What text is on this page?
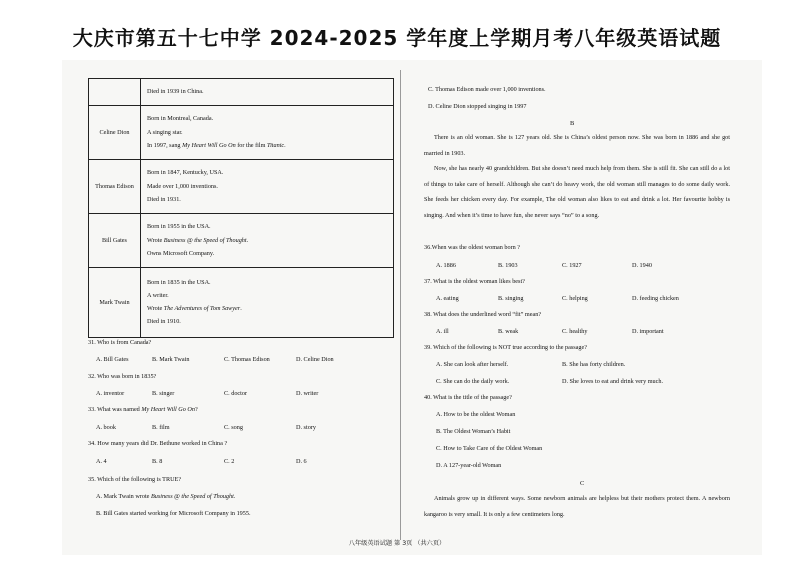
大庆市第五十七中学 2024-2025 学年度上学期月考八年级英语试题

	Died in 1939 in China.

Celine Dion	Born in Montreal, Canada.
A singing star.
In 1997, sang My Heart Will Go On for the film Titanic.

Thomas Edison	Born in 1847, Kentucky, USA.
Made over 1,000 inventions.
Died in 1931.

Bill Gates	Born in 1955 in the USA.
Wrote Business @ the Speed of Thought.
Owns Microsoft Company.

Mark Twain	Born in 1835 in the USA.
A writer.
Wrote The Adventures of Tom Sawyer.
Died in 1910.
31. Who is from Canada?
A. Bill Gates	B. Mark Twain	C. Thomas Edison	D. Celine Dion
32. Who was born in 1835?
A. inventor	B. singer	C. doctor	D. writer
33. What was named My Heart Will Go On?
A. book	B. film	C. song	D. story
34. How many years did Dr. Bethune worked in China ?
A. 4	B. 8	C. 2	D. 6
35. Which of the following is TRUE?
A. Mark Twain wrote Business @ the Speed of Thought.
B. Bill Gates started working for Microsoft Company in 1955.
C. Thomas Edison made over 1,000 inventions.
D. Celine Dion stopped singing in 1997
B
There is an old woman. She is 127 years old. She is China’s oldest person now. She was born in 1886 and she got married in 1903.
Now, she has nearly 40 grandchildren. But she doesn’t need much help from them. She is still fit. She can still do a lot of things to take care of herself. Although she can’t do heavy work, the old woman still manages to do some daily work. She feeds her chicken every day. For example, The old woman also likes to eat and drink a lot. Her favourite hobby is singing. And when it’s time to have fun, she never says “no” to a song.
36.When was the oldest woman born ?
A. 1886	B. 1903	C. 1927	D. 1940
37. What is the oldest woman likes best?
A. eating	B. singing	C. helping	D. feeding chicken
38. What does the underlined word “fit” mean?
A. ill	B. weak	C. healthy	D. important
39. Which of the following is NOT true according to the passage?
A. She can look after herself.	B. She has forty children.
C. She can do the daily work.	D. She loves to eat and drink very much.
40. What is the title of the passage?
A. How to be the oldest Woman
B. The Oldest Woman’s Habit
C. How to Take Care of the Oldest Woman
D. A 127-year-old Woman
C
Animals grow up in different ways. Some newborn animals are helpless but their mothers protect them. A newborn kangaroo is very small. It is only a few centimeters long.
八年级英语试题 第 3页 （共六页）
